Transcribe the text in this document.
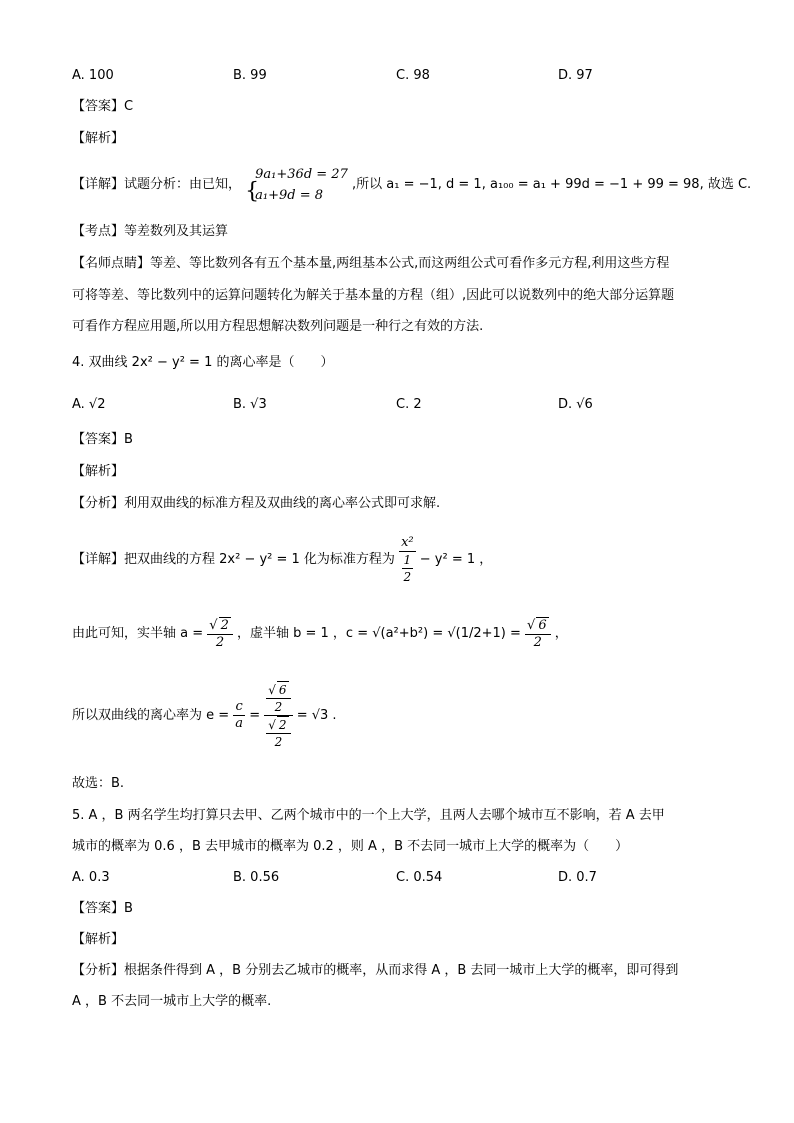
A. 100	B. 99	C. 98	D. 97
【答案】C
【解析】
【详解】试题分析：由已知，
{ 9a₁+36d = 27
a₁+9d = 8
,所以 a₁ = −1, d = 1, a₁₀₀ = a₁ + 99d = −1 + 99 = 98, 故选 C.
【考点】等差数列及其运算
【名师点睛】等差、等比数列各有五个基本量,两组基本公式,而这两组公式可看作多元方程,利用这些方程
可将等差、等比数列中的运算问题转化为解关于基本量的方程（组）,因此可以说数列中的绝大部分运算题
可看作方程应用题,所以用方程思想解决数列问题是一种行之有效的方法.
4. 双曲线 2x² − y² = 1 的离心率是（　　）
A. √2	B. √3	C. 2	D. √6
【答案】B
【解析】
【分析】利用双曲线的标准方程及双曲线的离心率公式即可求解.
【详解】把双曲线的方程 2x² − y² = 1 化为标准方程为 $\frac{\text{x²}}{\frac{1}{2}} - y^2 = 1$ ，
由此可知，实半轴 $a = \frac{√ 2}{2}$ ，虚半轴 b = 1 ，$c = √(a^2+b^2) = √(1/2+1) = \frac{√ 6}{2}$ ，
所以双曲线的离心率为 $e = \frac{c}{a} = \frac{\frac{√ 6}{2}}{\frac{√ 2}{2}} = √3$ .
故选：B.
5. A ，B 两名学生均打算只去甲、乙两个城市中的一个上大学，且两人去哪个城市互不影响，若 A 去甲
城市的概率为 0.6 ，B 去甲城市的概率为 0.2 ，则 A ，B 不去同一城市上大学的概率为（　　）
A. 0.3	B. 0.56	C. 0.54	D. 0.7
【答案】B
【解析】
【分析】根据条件得到 A ，B 分别去乙城市的概率，从而求得 A ，B 去同一城市上大学的概率，即可得到
A ，B 不去同一城市上大学的概率.
